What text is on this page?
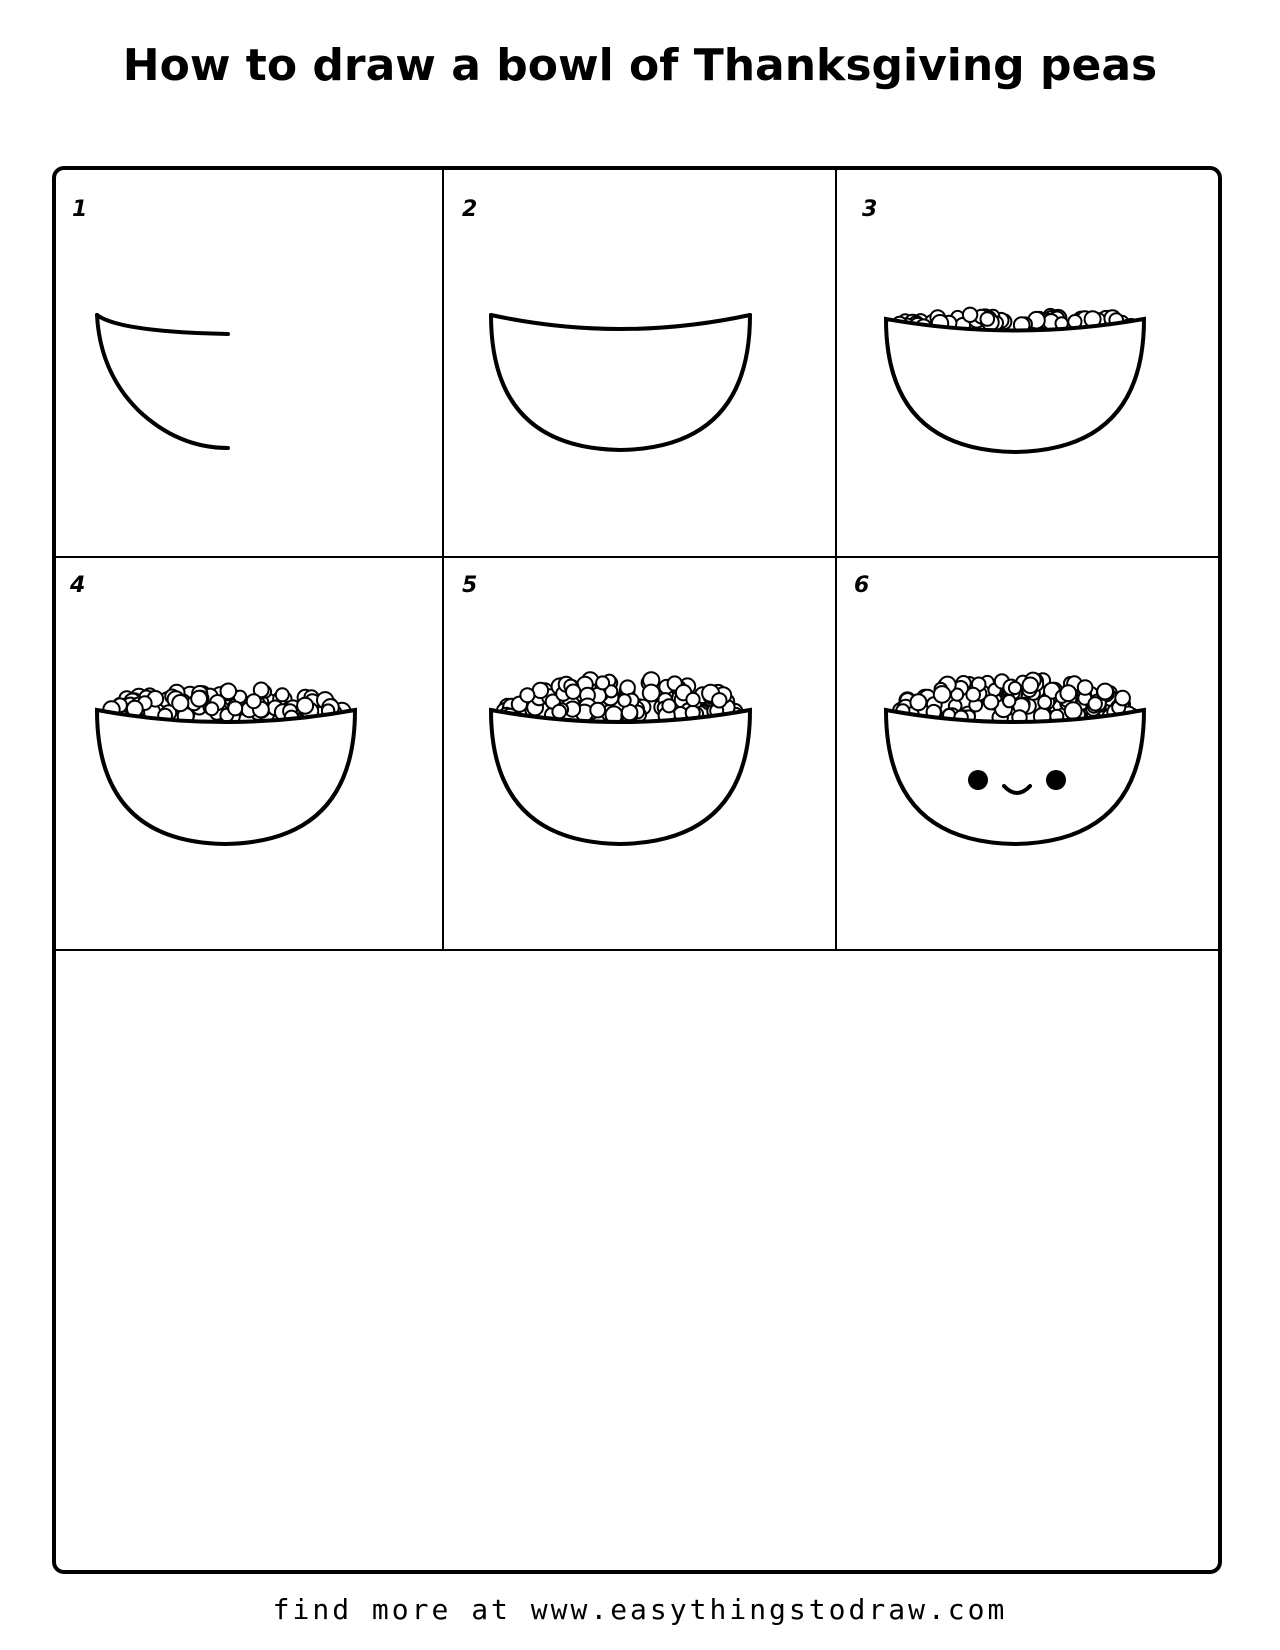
How to draw a bowl of Thanksgiving peas
1	2	3
4	5	6
find more at www.easythingstodraw.com
